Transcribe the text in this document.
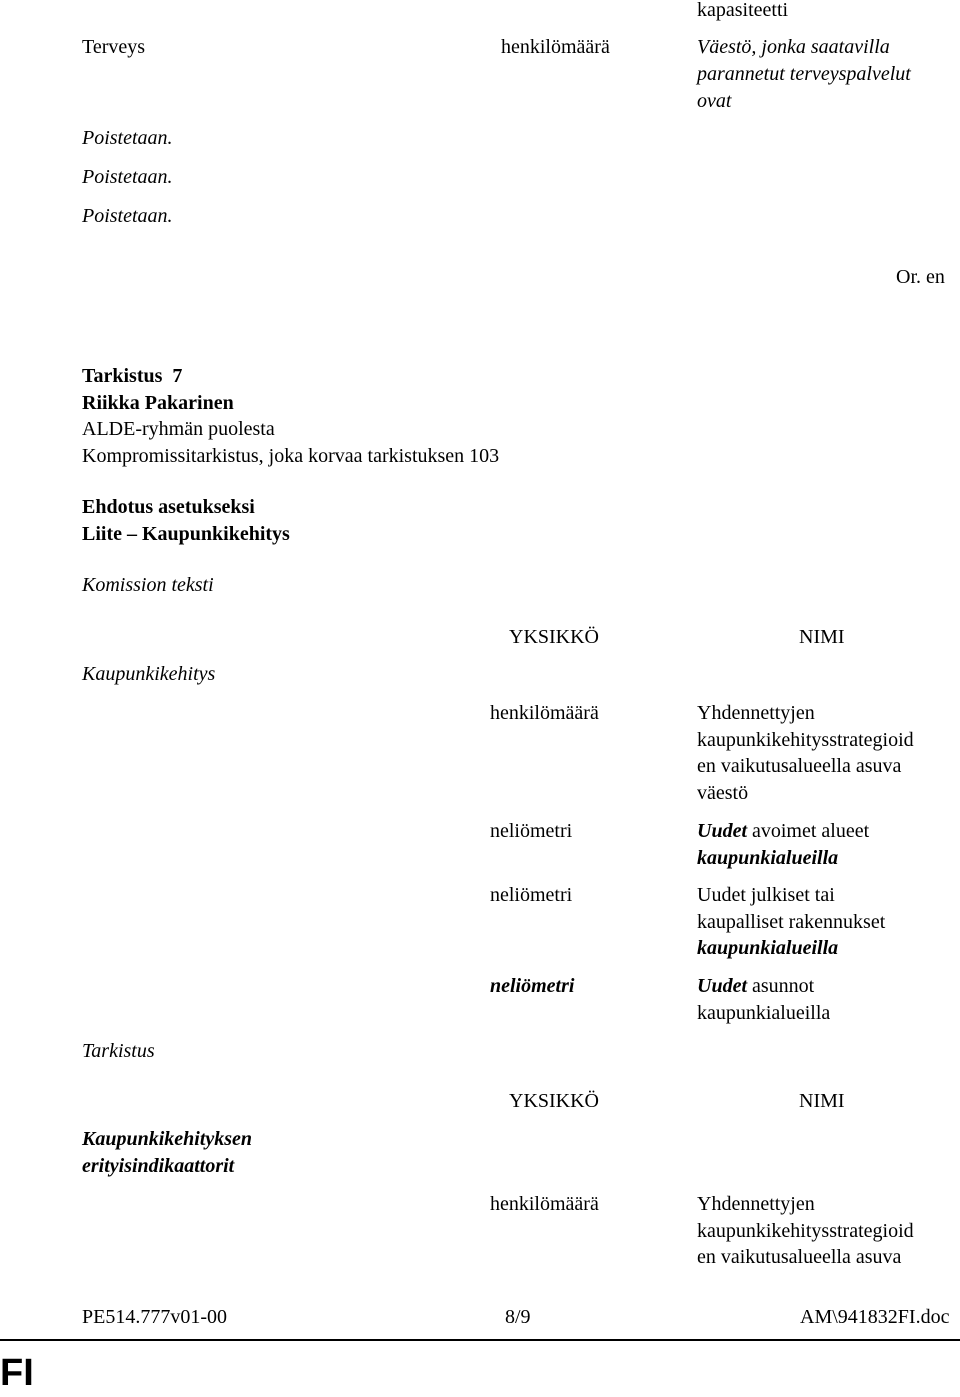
kapasiteetti
Terveys	henkilömäärä	Väestö, jonka saatavilla
parannetut terveyspalvelut
ovat
Poistetaan.
Poistetaan.
Poistetaan.
Or. en
Tarkistus 7
Riikka Pakarinen
ALDE-ryhmän puolesta
Kompromissitarkistus, joka korvaa tarkistuksen 103
Ehdotus asetukseksi
Liite – Kaupunkikehitys
Komission teksti
YKSIKKÖ	NIMI
Kaupunkikehitys
henkilömäärä	Yhdennettyjen
kaupunkikehitysstrategioid
en vaikutusalueella asuva
väestö
neliömetri	Uudet avoimet alueet
kaupunkialueilla
neliömetri	Uudet julkiset tai
kaupalliset rakennukset
kaupunkialueilla
neliömetri	Uudet asunnot
kaupunkialueilla
Tarkistus
YKSIKKÖ	NIMI
Kaupunkikehityksen
erityisindikaattorit
henkilömäärä	Yhdennettyjen
kaupunkikehitysstrategioid
en vaikutusalueella asuva
PE514.777v01-00	8/9	AM\941832FI.doc
FI
